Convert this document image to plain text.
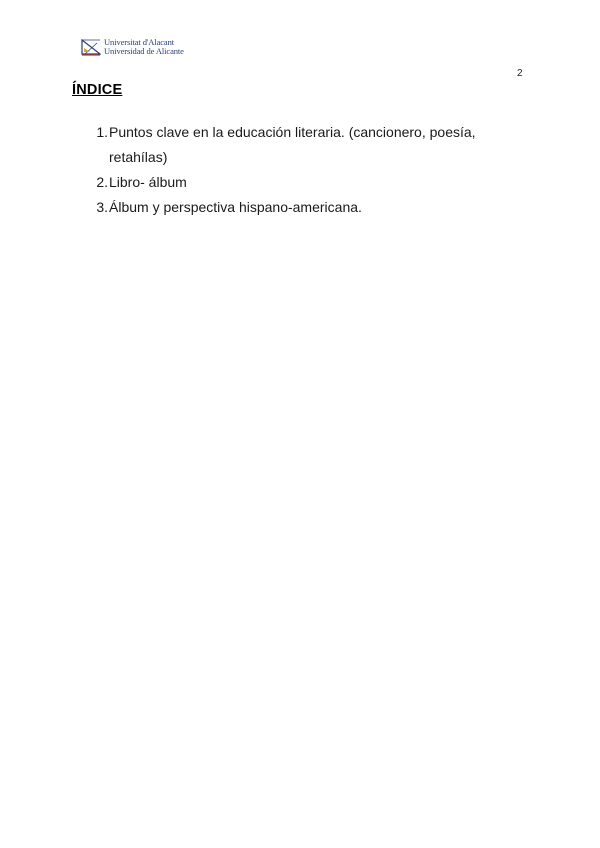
Universitat d'Alacant
Universidad de Alicante
2
ÍNDICE
1. Puntos clave en la educación literaria. (cancionero, poesía, retahílas)
2. Libro- álbum
3. Álbum y perspectiva hispano-americana.
